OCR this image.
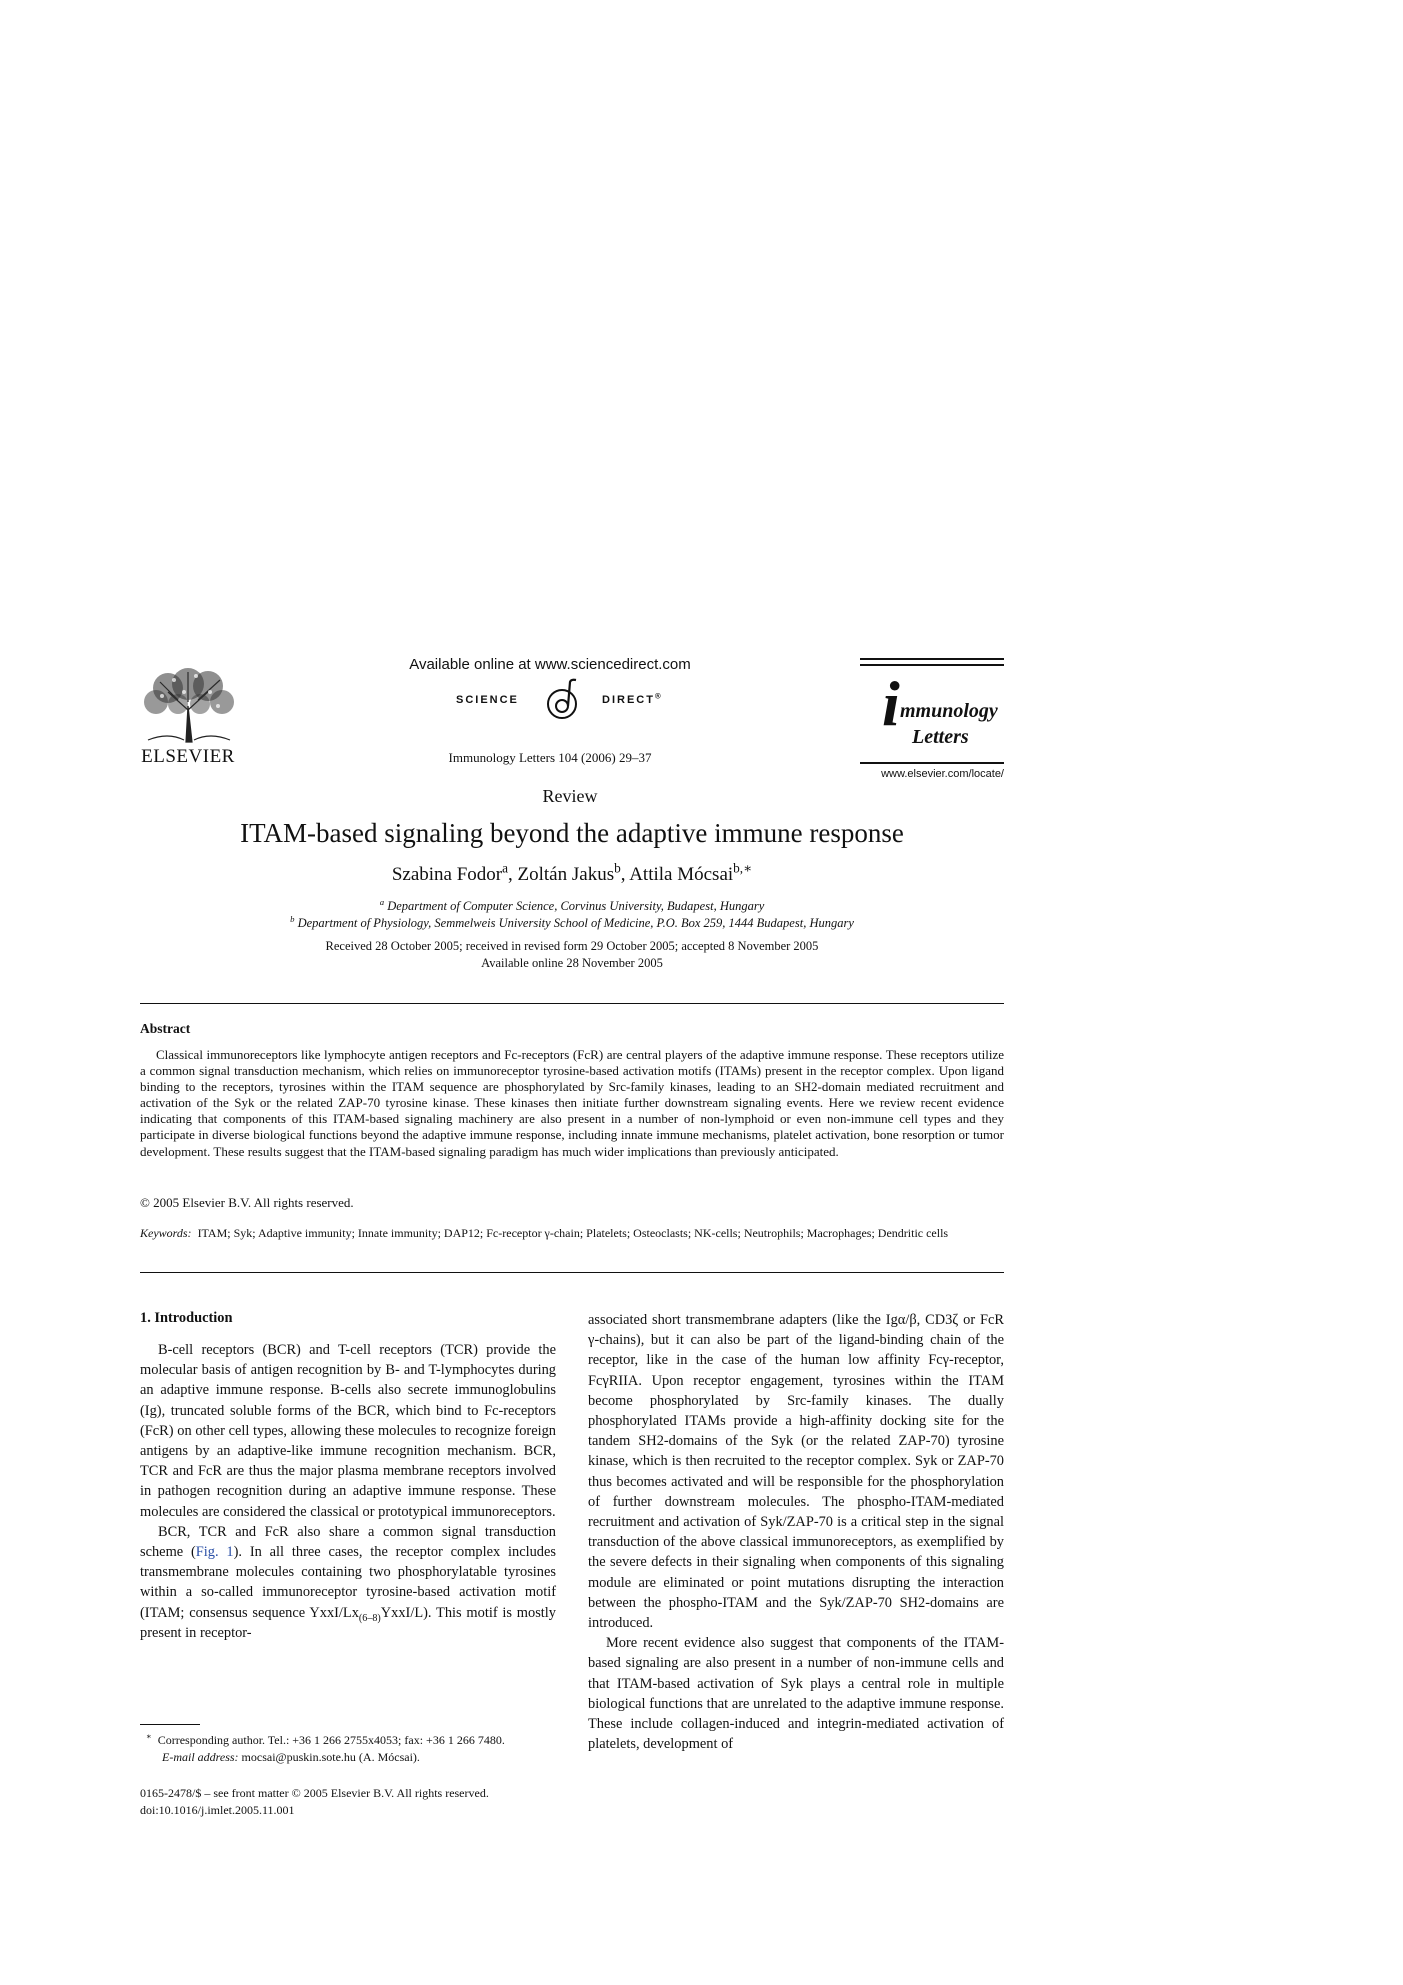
ELSEVIER
Available online at www.sciencedirect.com
SCIENCE	DIRECT®
Immunology Letters 104 (2006) 29–37
i mmunology
Letters
www.elsevier.com/locate/
Review
ITAM-based signaling beyond the adaptive immune response
Szabina Fodor$^a$, Zoltán Jakus$^b$, Attila Mócsai$^{b,∗}$
$^a$ Department of Computer Science, Corvinus University, Budapest, Hungary
$^b$ Department of Physiology, Semmelweis University School of Medicine, P.O. Box 259, 1444 Budapest, Hungary
Received 28 October 2005; received in revised form 29 October 2005; accepted 8 November 2005
Available online 28 November 2005
Abstract

Classical immunoreceptors like lymphocyte antigen receptors and Fc-receptors (FcR) are central players of the adaptive immune response. These receptors utilize a common signal transduction mechanism, which relies on immunoreceptor tyrosine-based activation motifs (ITAMs) present in the receptor complex. Upon ligand binding to the receptors, tyrosines within the ITAM sequence are phosphorylated by Src-family kinases, leading to an SH2-domain mediated recruitment and activation of the Syk or the related ZAP-70 tyrosine kinase. These kinases then initiate further downstream signaling events. Here we review recent evidence indicating that components of this ITAM-based signaling machinery are also present in a number of non-lymphoid or even non-immune cell types and they participate in diverse biological functions beyond the adaptive immune response, including innate immune mechanisms, platelet activation, bone resorption or tumor development. These results suggest that the ITAM-based signaling paradigm has much wider implications than previously anticipated.

© 2005 Elsevier B.V. All rights reserved.
Keywords: ITAM; Syk; Adaptive immunity; Innate immunity; DAP12; Fc-receptor γ-chain; Platelets; Osteoclasts; NK-cells; Neutrophils; Macrophages; Dendritic cells
1. Introduction

B-cell receptors (BCR) and T-cell receptors (TCR) provide the molecular basis of antigen recognition by B- and T-lymphocytes during an adaptive immune response. B-cells also secrete immunoglobulins (Ig), truncated soluble forms of the BCR, which bind to Fc-receptors (FcR) on other cell types, allowing these molecules to recognize foreign antigens by an adaptive-like immune recognition mechanism. BCR, TCR and FcR are thus the major plasma membrane receptors involved in pathogen recognition during an adaptive immune response. These molecules are considered the classical or prototypical immunoreceptors.

BCR, TCR and FcR also share a common signal transduction scheme (Fig. 1). In all three cases, the receptor complex includes transmembrane molecules containing two phosphorylatable tyrosines within a so-called immunoreceptor tyrosine-based activation motif (ITAM; consensus sequence YxxI/$Lx_{(6-8)}YxxI/L$). This motif is mostly present in receptor-

associated short transmembrane adapters (like the Igα/β, CD3ζ or FcR γ-chains), but it can also be part of the ligand-binding chain of the receptor, like in the case of the human low affinity Fcγ-receptor, FcγRIIA. Upon receptor engagement, tyrosines within the ITAM become phosphorylated by Src-family kinases. The dually phosphorylated ITAMs provide a high-affinity docking site for the tandem SH2-domains of the Syk (or the related ZAP-70) tyrosine kinase, which is then recruited to the receptor complex. Syk or ZAP-70 thus becomes activated and will be responsible for the phosphorylation of further downstream molecules. The phospho-ITAM-mediated recruitment and activation of Syk/ZAP-70 is a critical step in the signal transduction of the above classical immunoreceptors, as exemplified by the severe defects in their signaling when components of this signaling module are eliminated or point mutations disrupting the interaction between the phospho-ITAM and the Syk/ZAP-70 SH2-domains are introduced.

More recent evidence also suggest that components of the ITAM-based signaling are also present in a number of non-immune cells and that ITAM-based activation of Syk plays a central role in multiple biological functions that are unrelated to the adaptive immune response. These include collagen-induced and integrin-mediated activation of platelets, development of

∗ Corresponding author. Tel.: +36 1 266 2755x4053; fax: +36 1 266 7480.
E-mail address: mocsai@puskin.sote.hu (A. Mócsai).
0165-2478/$ – see front matter © 2005 Elsevier B.V. All rights reserved.
doi:10.1016/j.imlet.2005.11.001
